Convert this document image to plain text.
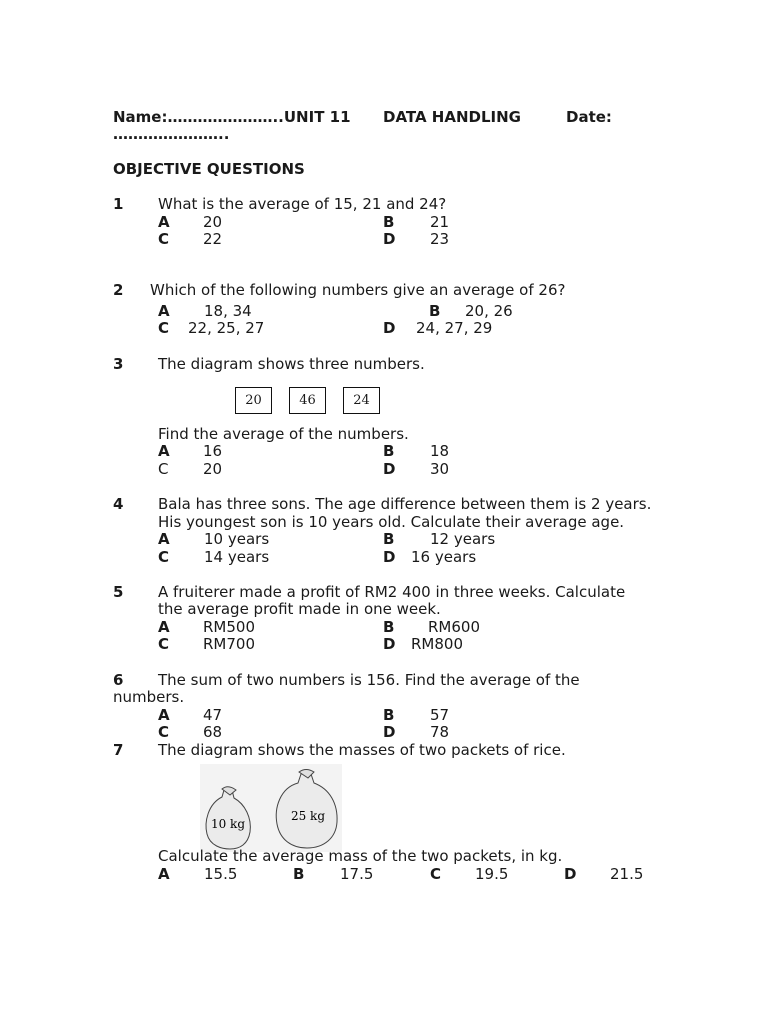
Name:…………………..UNIT 11 DATA HANDLING	Date:
…………………..
OBJECTIVE QUESTIONS
1 What is the average of 15, 21 and 24?
A 20	B 21
C 22	D 23
2 Which of the following numbers give an average of 26?
A 18, 34	B 20, 26
C 22, 25, 27	D 24, 27, 29
3 The diagram shows three numbers.
20	46	24
Find the average of the numbers.
A 16	B 18
C 20	D 30
4 Bala has three sons. The age difference between them is 2 years.
His youngest son is 10 years old. Calculate their average age.
A 10 years	B 12 years
C 14 years	D 16 years
5 A fruiterer made a profit of RM2 400 in three weeks. Calculate
the average profit made in one week.
A RM500	B RM600
C RM700	D RM800
6 The sum of two numbers is 156. Find the average of the
numbers.
A 47	B 57
C 68	D 78
7 The diagram shows the masses of two packets of rice.
10 kg
25 kg
Calculate the average mass of the two packets, in kg.
A 15.5	B 17.5	C 19.5	D 21.5
